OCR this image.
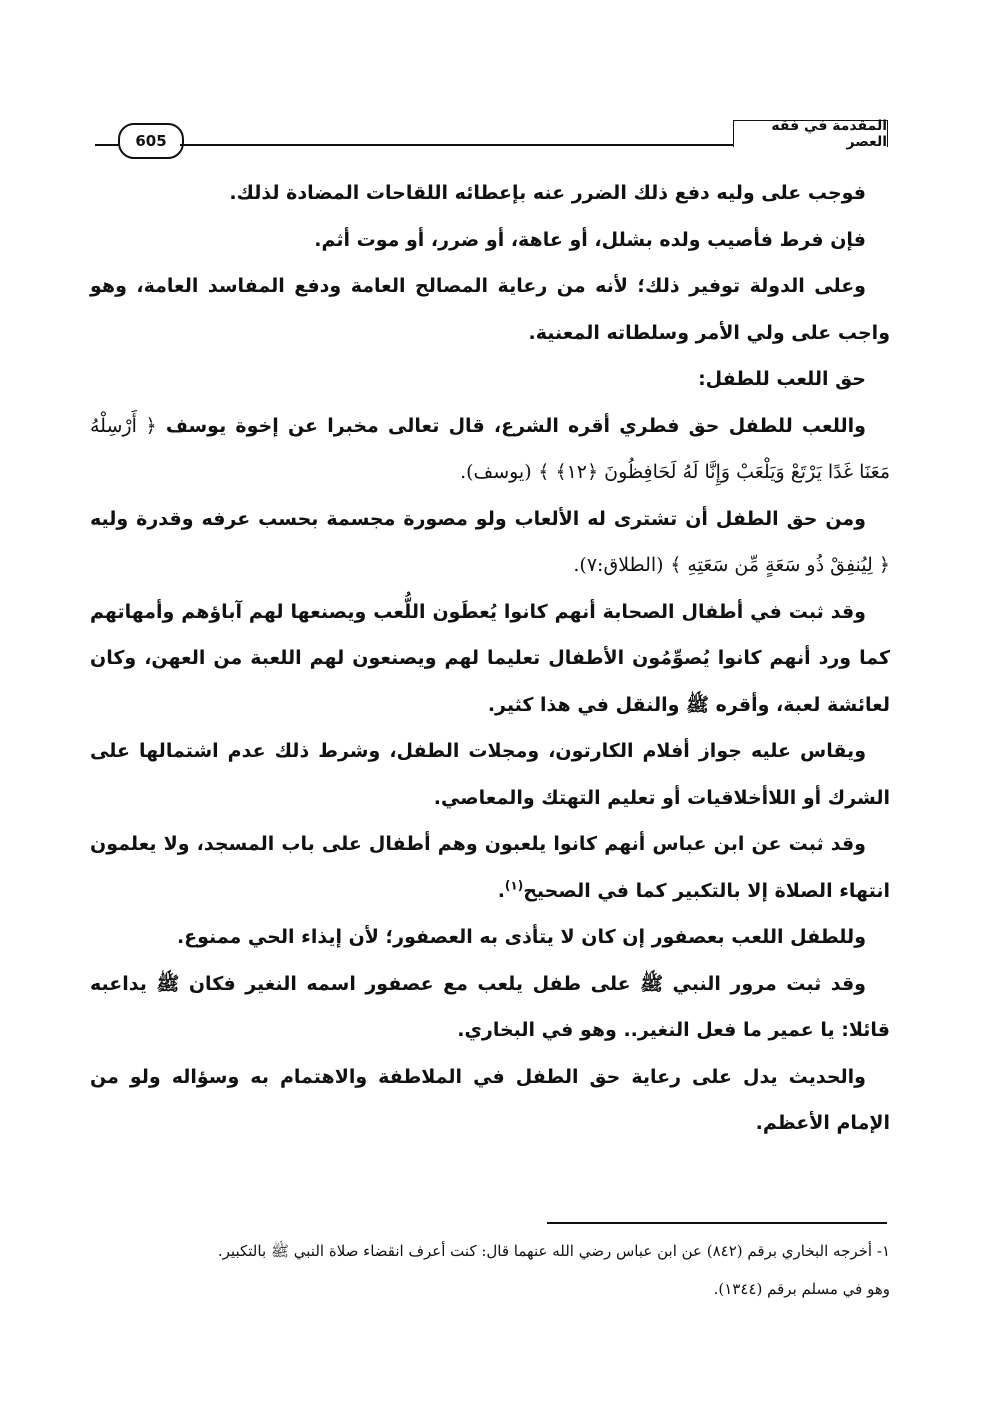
605
المقدمة في فقه العصر

فوجب على وليه دفع ذلك الضرر عنه بإعطائه اللقاحات المضادة لذلك.

فإن فرط فأصيب ولده بشلل، أو عاهة، أو ضرر، أو موت أثم.

وعلى الدولة توفير ذلك؛ لأنه من رعاية المصالح العامة ودفع المفاسد العامة، وهو واجب على ولي الأمر وسلطاته المعنية.

حق اللعب للطفل:

واللعب للطفل حق فطري أقره الشرع، قال تعالى مخبرا عن إخوة يوسف ﴿ أَرْسِلْهُ مَعَنَا غَدًا يَرْتَعْ وَيَلْعَبْ وَإِنَّا لَهُ لَحَافِظُونَ ﴿١٢﴾ ﴾ (يوسف).

ومن حق الطفل أن تشترى له الألعاب ولو مصورة مجسمة بحسب عرفه وقدرة وليه ﴿ لِيُنفِقْ ذُو سَعَةٍ مِّن سَعَتِهِ ﴾ (الطلاق:٧).

وقد ثبت في أطفال الصحابة أنهم كانوا يُعطَون اللُّعب ويصنعها لهم آباؤهم وأمهاتهم كما ورد أنهم كانوا يُصوِّمُون الأطفال تعليما لهم ويصنعون لهم اللعبة من العهن، وكان لعائشة لعبة، وأقره ﷺ والنقل في هذا كثير.

ويقاس عليه جواز أفلام الكارتون، ومجلات الطفل، وشرط ذلك عدم اشتمالها على الشرك أو اللاأخلاقيات أو تعليم التهتك والمعاصي.

وقد ثبت عن ابن عباس أنهم كانوا يلعبون وهم أطفال على باب المسجد، ولا يعلمون انتهاء الصلاة إلا بالتكبير كما في الصحيح$^{(١)}$.

وللطفل اللعب بعصفور إن كان لا يتأذى به العصفور؛ لأن إيذاء الحي ممنوع.

وقد ثبت مرور النبي ﷺ على طفل يلعب مع عصفور اسمه النغير فكان ﷺ يداعبه قائلا: يا عمير ما فعل النغير.. وهو في البخاري.

والحديث يدل على رعاية حق الطفل في الملاطفة والاهتمام به وسؤاله ولو من الإمام الأعظم.

١- أخرجه البخاري برقم (٨٤٢) عن ابن عباس رضي الله عنهما قال: كنت أعرف انقضاء صلاة النبي ﷺ بالتكبير.

وهو في مسلم برقم (١٣٤٤).
